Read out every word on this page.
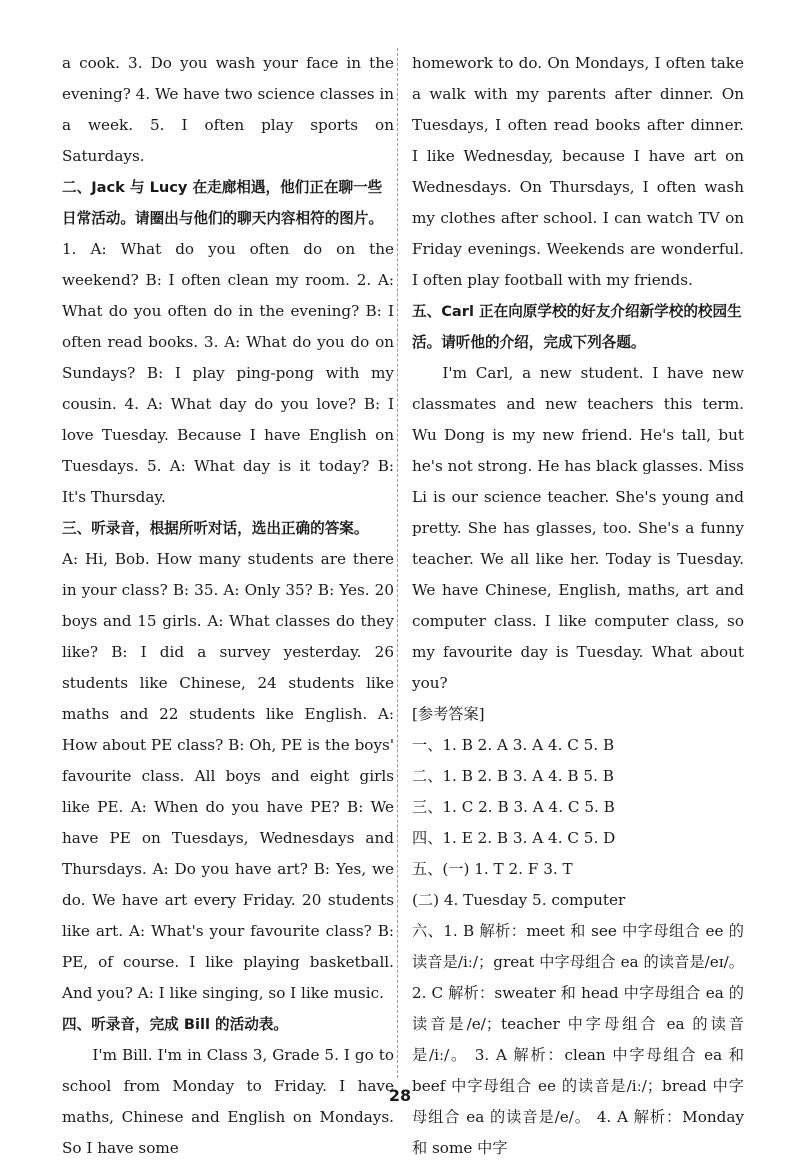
a cook. 3. Do you wash your face in the evening? 4. We have two science classes in a week. 5. I often play sports on Saturdays.

二、Jack 与 Lucy 在走廊相遇，他们正在聊一些日常活动。请圈出与他们的聊天内容相符的图片。

1. A: What do you often do on the weekend? B: I often clean my room. 2. A: What do you often do in the evening? B: I often read books. 3. A: What do you do on Sundays? B: I play ping-pong with my cousin. 4. A: What day do you love? B: I love Tuesday. Because I have English on Tuesdays. 5. A: What day is it today? B: It's Thursday.

三、听录音，根据所听对话，选出正确的答案。

A: Hi, Bob. How many students are there in your class? B: 35. A: Only 35? B: Yes. 20 boys and 15 girls. A: What classes do they like? B: I did a survey yesterday. 26 students like Chinese, 24 students like maths and 22 students like English. A: How about PE class? B: Oh, PE is the boys' favourite class. All boys and eight girls like PE. A: When do you have PE? B: We have PE on Tuesdays, Wednesdays and Thursdays. A: Do you have art? B: Yes, we do. We have art every Friday. 20 students like art. A: What's your favourite class? B: PE, of course. I like playing basketball. And you? A: I like singing, so I like music.

四、听录音，完成 Bill 的活动表。

I'm Bill. I'm in Class 3, Grade 5. I go to school from Monday to Friday. I have maths, Chinese and English on Mondays. So I have some

homework to do. On Mondays, I often take a walk with my parents after dinner. On Tuesdays, I often read books after dinner. I like Wednesday, because I have art on Wednesdays. On Thursdays, I often wash my clothes after school. I can watch TV on Friday evenings. Weekends are wonderful. I often play football with my friends.

五、Carl 正在向原学校的好友介绍新学校的校园生活。请听他的介绍，完成下列各题。

I'm Carl, a new student. I have new classmates and new teachers this term. Wu Dong is my new friend. He's tall, but he's not strong. He has black glasses. Miss Li is our science teacher. She's young and pretty. She has glasses, too. She's a funny teacher. We all like her. Today is Tuesday. We have Chinese, English, maths, art and computer class. I like computer class, so my favourite day is Tuesday. What about you?

[参考答案]

一、1. B 2. A 3. A 4. C 5. B

二、1. B 2. B 3. A 4. B 5. B

三、1. C 2. B 3. A 4. C 5. B

四、1. E 2. B 3. A 4. C 5. D

五、(一) 1. T 2. F 3. T

(二) 4. Tuesday 5. computer

六、1. B 解析：meet 和 see 中字母组合 ee 的读音是/iː/；great 中字母组合 ea 的读音是/eɪ/。 2. C 解析：sweater 和 head 中字母组合 ea 的读音是/e/；teacher 中字母组合 ea 的读音是/iː/。 3. A 解析：clean 中字母组合 ea 和 beef 中字母组合 ee 的读音是/iː/；bread 中字母组合 ea 的读音是/e/。 4. A 解析：Monday 和 some 中字

28
